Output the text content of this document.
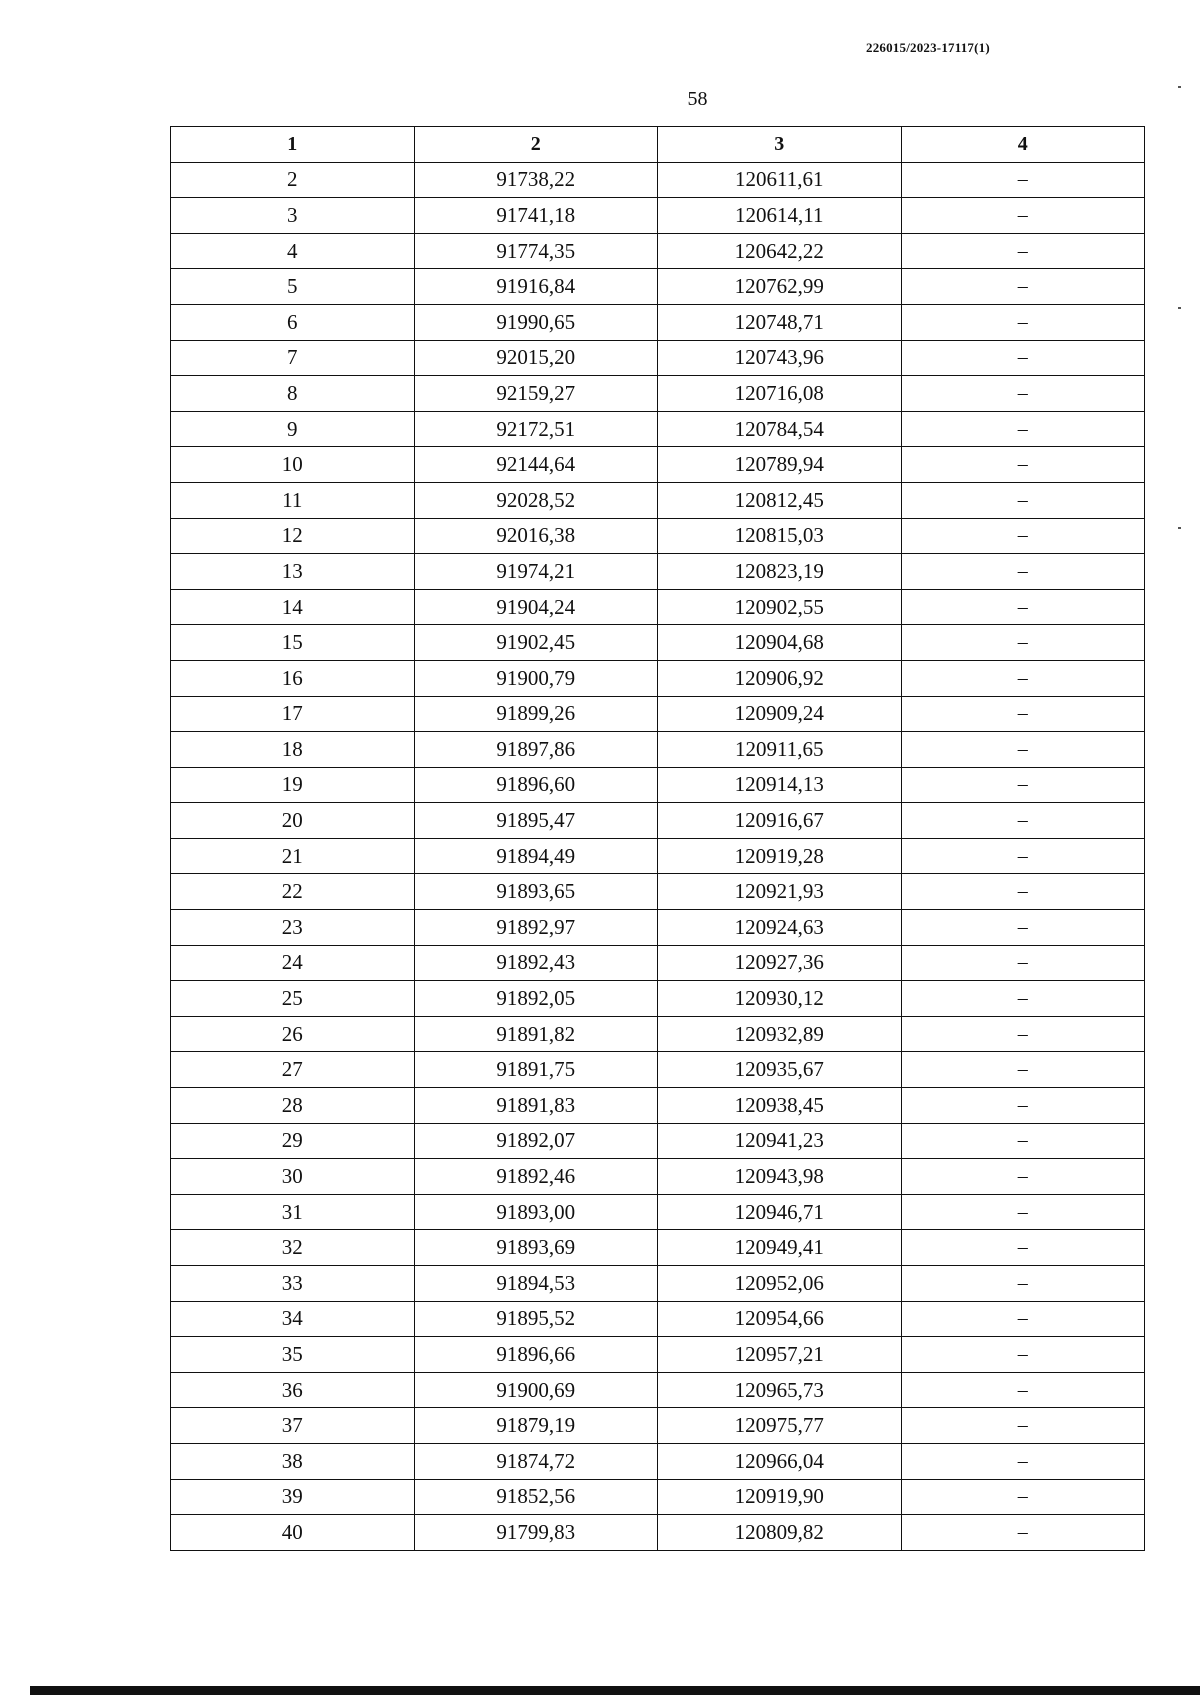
226015/2023-17117(1)
58
1	2	3	4
2	91738,22	120611,61	–
3	91741,18	120614,11	–
4	91774,35	120642,22	–
5	91916,84	120762,99	–
6	91990,65	120748,71	–
7	92015,20	120743,96	–
8	92159,27	120716,08	–
9	92172,51	120784,54	–
10	92144,64	120789,94	–
11	92028,52	120812,45	–
12	92016,38	120815,03	–
13	91974,21	120823,19	–
14	91904,24	120902,55	–
15	91902,45	120904,68	–
16	91900,79	120906,92	–
17	91899,26	120909,24	–
18	91897,86	120911,65	–
19	91896,60	120914,13	–
20	91895,47	120916,67	–
21	91894,49	120919,28	–
22	91893,65	120921,93	–
23	91892,97	120924,63	–
24	91892,43	120927,36	–
25	91892,05	120930,12	–
26	91891,82	120932,89	–
27	91891,75	120935,67	–
28	91891,83	120938,45	–
29	91892,07	120941,23	–
30	91892,46	120943,98	–
31	91893,00	120946,71	–
32	91893,69	120949,41	–
33	91894,53	120952,06	–
34	91895,52	120954,66	–
35	91896,66	120957,21	–
36	91900,69	120965,73	–
37	91879,19	120975,77	–
38	91874,72	120966,04	–
39	91852,56	120919,90	–
40	91799,83	120809,82	–
